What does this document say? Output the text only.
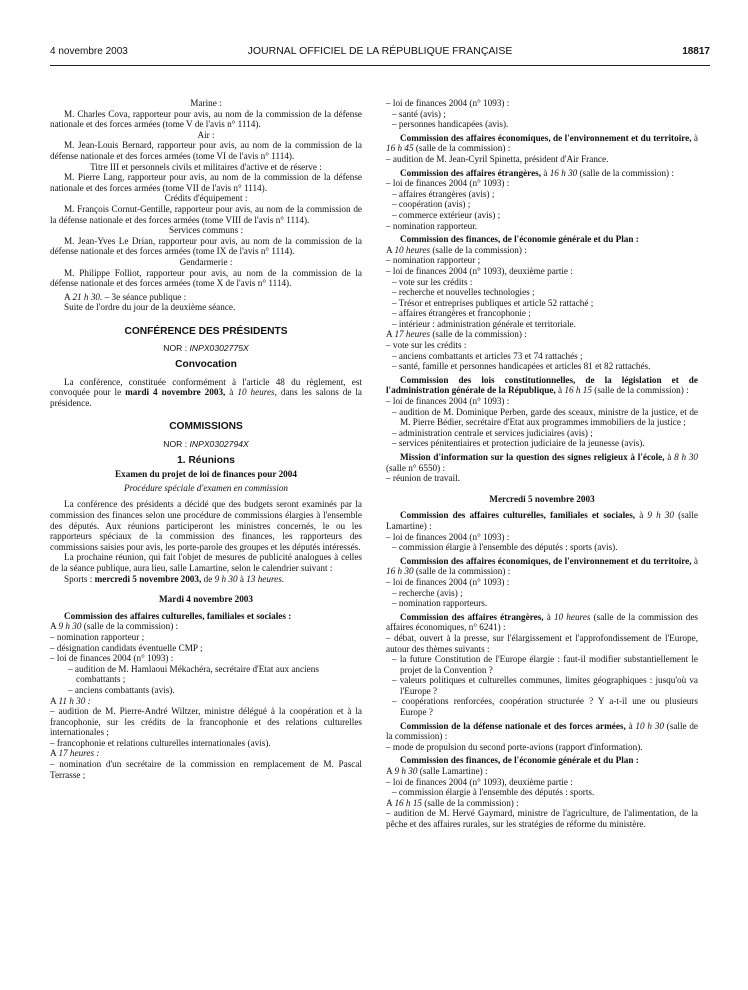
4 novembre 2003	JOURNAL OFFICIEL DE LA RÉPUBLIQUE FRANÇAISE	18817

Marine :

M. Charles Cova, rapporteur pour avis, au nom de la commission de la défense nationale et des forces armées (tome V de l'avis n° 1114).

Air :

M. Jean-Louis Bernard, rapporteur pour avis, au nom de la commission de la défense nationale et des forces armées (tome VI de l'avis n° 1114).

Titre III et personnels civils et militaires d'active et de réserve :

M. Pierre Lang, rapporteur pour avis, au nom de la commission de la défense nationale et des forces armées (tome VII de l'avis n° 1114).

Crédits d'équipement :

M. François Cornut-Gentille, rapporteur pour avis, au nom de la commission de la défense nationale et des forces armées (tome VIII de l'avis n° 1114).

Services communs :

M. Jean-Yves Le Drian, rapporteur pour avis, au nom de la commission de la défense nationale et des forces armées (tome IX de l'avis n° 1114).

Gendarmerie :

M. Philippe Folliot, rapporteur pour avis, au nom de la commission de la défense nationale et des forces armées (tome X de l'avis n° 1114).

A 21 h 30. – 3e séance publique :

Suite de l'ordre du jour de la deuxième séance.

CONFÉRENCE DES PRÉSIDENTS

NOR : INPX0302775X

Convocation

La conférence, constituée conformément à l'article 48 du règlement, est convoquée pour le mardi 4 novembre 2003, à 10 heures, dans les salons de la présidence.

COMMISSIONS

NOR : INPX0302794X

1. Réunions

Examen du projet de loi de finances pour 2004

Procédure spéciale d'examen en commission

La conférence des présidents a décidé que des budgets seront examinés par la commission des finances selon une procédure de commissions élargies à l'ensemble des députés. Aux réunions participeront les ministres concernés, le ou les rapporteurs spéciaux de la commission des finances, les rapporteurs des commissions saisies pour avis, les porte-parole des groupes et les députés intéressés.

La prochaine réunion, qui fait l'objet de mesures de publicité analogues à celles de la séance publique, aura lieu, salle Lamartine, selon le calendrier suivant :

Sports : mercredi 5 novembre 2003, de 9 h 30 à 13 heures.

Mardi 4 novembre 2003

Commission des affaires culturelles, familiales et sociales :

A 9 h 30 (salle de la commission) :

– nomination rapporteur ;

– désignation candidats éventuelle CMP ;

– loi de finances 2004 (n° 1093) :

– audition de M. Hamlaoui Mékachéra, secrétaire d'Etat aux anciens combattants ;

– anciens combattants (avis).

A 11 h 30 :

– audition de M. Pierre-André Wiltzer, ministre délégué à la coopération et à la francophonie, sur les crédits de la francophonie et des relations culturelles internationales ;

– francophonie et relations culturelles internationales (avis).

A 17 heures :

– nomination d'un secrétaire de la commission en remplacement de M. Pascal Terrasse ;

– loi de finances 2004 (n° 1093) :

– santé (avis) ;

– personnes handicapées (avis).

Commission des affaires économiques, de l'environnement et du territoire, à 16 h 45 (salle de la commission) :

– audition de M. Jean-Cyril Spinetta, président d'Air France.

Commission des affaires étrangères, à 16 h 30 (salle de la commission) :

– loi de finances 2004 (n° 1093) :

– affaires étrangères (avis) ;

– coopération (avis) ;

– commerce extérieur (avis) ;

– nomination rapporteur.

Commission des finances, de l'économie générale et du Plan :

A 10 heures (salle de la commission) :

– nomination rapporteur ;

– loi de finances 2004 (n° 1093), deuxième partie :

– vote sur les crédits :

– recherche et nouvelles technologies ;

– Trésor et entreprises publiques et article 52 rattaché ;

– affaires étrangères et francophonie ;

– intérieur : administration générale et territoriale.

A 17 heures (salle de la commission) :

– vote sur les crédits :

– anciens combattants et articles 73 et 74 rattachés ;

– santé, famille et personnes handicapées et articles 81 et 82 rattachés.

Commission des lois constitutionnelles, de la législation et de l'administration générale de la République, à 16 h 15 (salle de la commission) :

– loi de finances 2004 (n° 1093) :

– audition de M. Dominique Perben, garde des sceaux, ministre de la justice, et de M. Pierre Bédier, secrétaire d'Etat aux programmes immobiliers de la justice ;

– administration centrale et services judiciaires (avis) ;

– services pénitentiaires et protection judiciaire de la jeunesse (avis).

Mission d'information sur la question des signes religieux à l'école, à 8 h 30 (salle n° 6550) :

– réunion de travail.

Mercredi 5 novembre 2003

Commission des affaires culturelles, familiales et sociales, à 9 h 30 (salle Lamartine) :

– loi de finances 2004 (n° 1093) :

– commission élargie à l'ensemble des députés : sports (avis).

Commission des affaires économiques, de l'environnement et du territoire, à 16 h 30 (salle de la commission) :

– loi de finances 2004 (n° 1093) :

– recherche (avis) ;

– nomination rapporteurs.

Commission des affaires étrangères, à 10 heures (salle de la commission des affaires économiques, n° 6241) :

– débat, ouvert à la presse, sur l'élargissement et l'approfondissement de l'Europe, autour des thèmes suivants :

– la future Constitution de l'Europe élargie : faut-il modifier substantiellement le projet de la Convention ?

– valeurs politiques et culturelles communes, limites géographiques : jusqu'où va l'Europe ?

– coopérations renforcées, coopération structurée ? Y a-t-il une ou plusieurs Europe ?

Commission de la défense nationale et des forces armées, à 10 h 30 (salle de la commission) :

– mode de propulsion du second porte-avions (rapport d'information).

Commission des finances, de l'économie générale et du Plan :

A 9 h 30 (salle Lamartine) :

– loi de finances 2004 (n° 1093), deuxième partie :

– commission élargie à l'ensemble des députés : sports.

A 16 h 15 (salle de la commission) :

– audition de M. Hervé Gaymard, ministre de l'agriculture, de l'alimentation, de la pêche et des affaires rurales, sur les stratégies de réforme du ministère.
